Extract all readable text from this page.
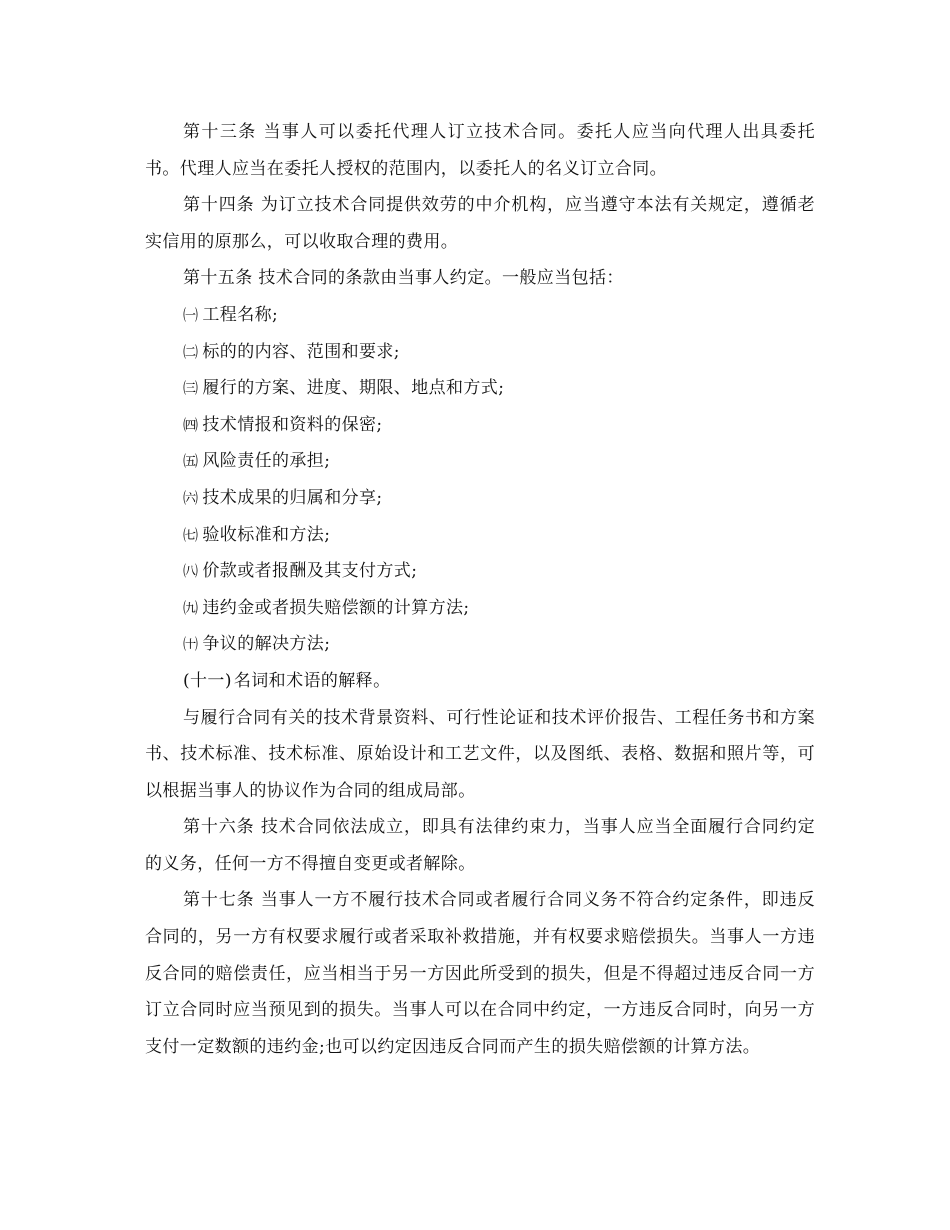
第十三条 当事人可以委托代理人订立技术合同。委托人应当向代理人出具委托书。代理人应当在委托人授权的范围内，以委托人的名义订立合同。

第十四条 为订立技术合同提供效劳的中介机构，应当遵守本法有关规定，遵循老实信用的原那么，可以收取合理的费用。

第十五条 技术合同的条款由当事人约定。一般应当包括：

㈠ 工程名称;

㈡ 标的的内容、范围和要求;

㈢ 履行的方案、进度、期限、地点和方式;

㈣ 技术情报和资料的保密;

㈤ 风险责任的承担;

㈥ 技术成果的归属和分享;

㈦ 验收标准和方法;

㈧ 价款或者报酬及其支付方式;

㈨ 违约金或者损失赔偿额的计算方法;

㈩ 争议的解决方法;

(十一) 名词和术语的解释。

与履行合同有关的技术背景资料、可行性论证和技术评价报告、工程任务书和方案书、技术标准、技术标准、原始设计和工艺文件，以及图纸、表格、数据和照片等，可以根据当事人的协议作为合同的组成局部。

第十六条 技术合同依法成立，即具有法律约束力，当事人应当全面履行合同约定的义务，任何一方不得擅自变更或者解除。

第十七条 当事人一方不履行技术合同或者履行合同义务不符合约定条件，即违反合同的，另一方有权要求履行或者采取补救措施，并有权要求赔偿损失。当事人一方违反合同的赔偿责任，应当相当于另一方因此所受到的损失，但是不得超过违反合同一方订立合同时应当预见到的损失。当事人可以在合同中约定，一方违反合同时，向另一方支付一定数额的违约金;也可以约定因违反合同而产生的损失赔偿额的计算方法。
